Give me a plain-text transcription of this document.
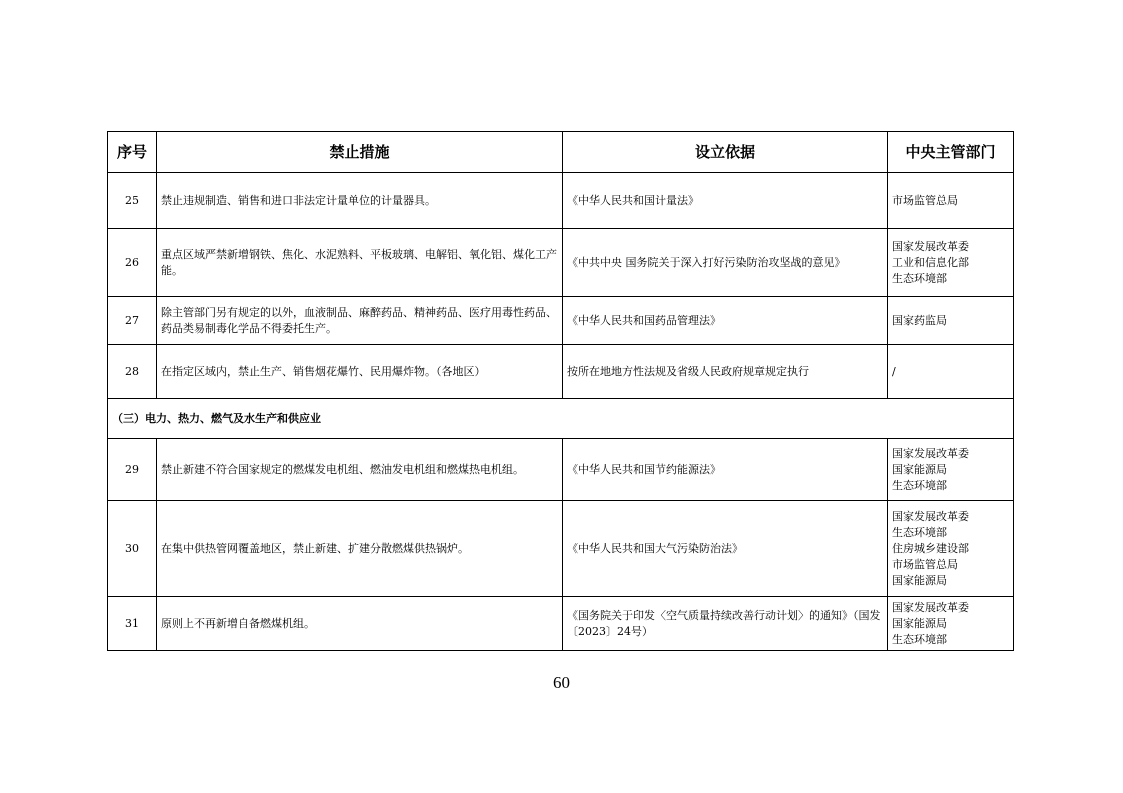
序号	禁止措施	设立依据	中央主管部门
25	禁止违规制造、销售和进口非法定计量单位的计量器具。	《中华人民共和国计量法》	市场监管总局

26	重点区域严禁新增钢铁、焦化、水泥熟料、平板玻璃、电解铝、氧化铝、煤化工产能。	《中共中央 国务院关于深入打好污染防治攻坚战的意见》	国家发展改革委
工业和信息化部
生态环境部

27	除主管部门另有规定的以外，血液制品、麻醉药品、精神药品、医疗用毒性药品、药品类易制毒化学品不得委托生产。	《中华人民共和国药品管理法》	国家药监局

28	在指定区域内，禁止生产、销售烟花爆竹、民用爆炸物。（各地区）	按所在地地方性法规及省级人民政府规章规定执行	/

（三）电力、热力、燃气及水生产和供应业			
29	禁止新建不符合国家规定的燃煤发电机组、燃油发电机组和燃煤热电机组。	《中华人民共和国节约能源法》	国家发展改革委
国家能源局
生态环境部

30	在集中供热管网覆盖地区，禁止新建、扩建分散燃煤供热锅炉。	《中华人民共和国大气污染防治法》	国家发展改革委
生态环境部
住房城乡建设部
市场监管总局
国家能源局

31	原则上不再新增自备燃煤机组。	《国务院关于印发〈空气质量持续改善行动计划〉的通知》（国发〔2023〕24号）	国家发展改革委
国家能源局
生态环境部
60
